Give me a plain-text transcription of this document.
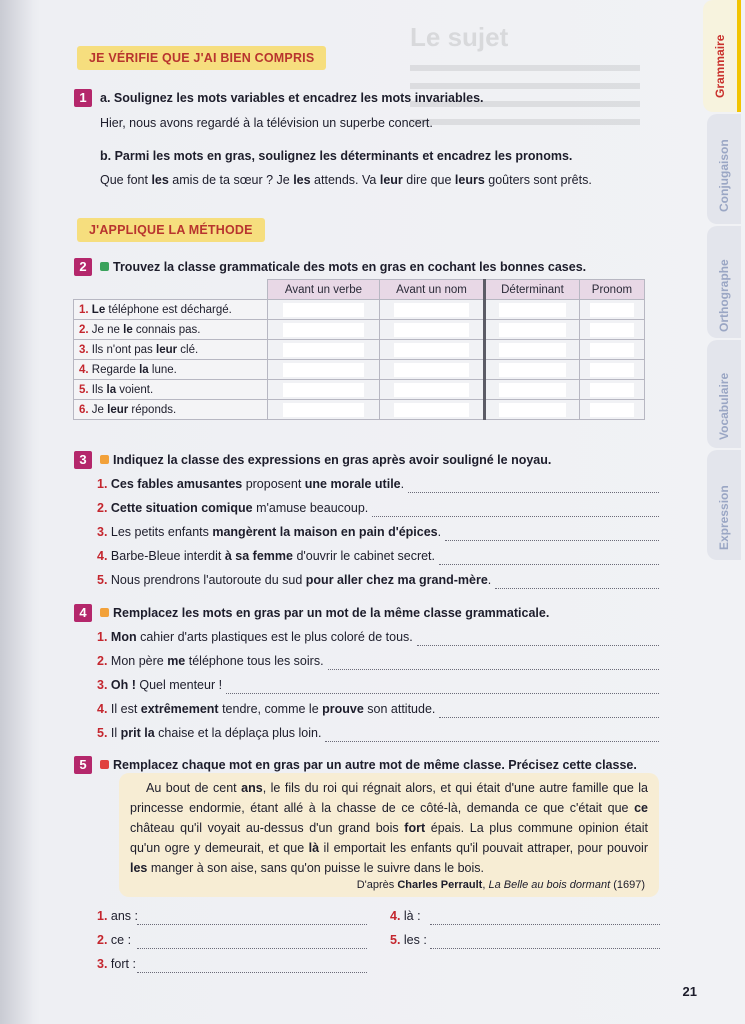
JE VÉRIFIE QUE J'AI BIEN COMPRIS
1	a. Soulignez les mots variables et encadrez les mots invariables.
Hier, nous avons regardé à la télévision un superbe concert.
b. Parmi les mots en gras, soulignez les déterminants et encadrez les pronoms.
Que font les amis de ta sœur ? Je les attends. Va leur dire que leurs goûters sont prêts.
J'APPLIQUE LA MÉTHODE
2	Trouvez la classe grammaticale des mots en gras en cochant les bonnes cases.
	Avant un verbe	Avant un nom	Déterminant	Pronom
1. Le téléphone est déchargé.	

2. Je ne le connais pas.	

3. Ils n'ont pas leur clé.	

4. Regarde la lune.	

5. Ils la voient.	

6. Je leur réponds.	

3	Indiquez la classe des expressions en gras après avoir souligné le noyau.
1. Ces fables amusantes proposent une morale utile.
2. Cette situation comique m'amuse beaucoup.
3. Les petits enfants mangèrent la maison en pain d'épices.
4. Barbe-Bleue interdit à sa femme d'ouvrir le cabinet secret.
5. Nous prendrons l'autoroute du sud pour aller chez ma grand-mère.
4	Remplacez les mots en gras par un mot de la même classe grammaticale.
1. Mon cahier d'arts plastiques est le plus coloré de tous.
2. Mon père me téléphone tous les soirs.
3. Oh ! Quel menteur !
4. Il est extrêmement tendre, comme le prouve son attitude.
5. Il prit la chaise et la déplaça plus loin.
5	Remplacez chaque mot en gras par un autre mot de même classe. Précisez cette classe.

Au bout de cent ans, le fils du roi qui régnait alors, et qui était d'une autre famille que la princesse endormie, étant allé à la chasse de ce côté-là, demanda ce que c'était que ce château qu'il voyait au-dessus d'un grand bois fort épais. La plus commune opinion était qu'un ogre y demeurait, et que là il emportait les enfants qu'il pouvait attraper, pour pouvoir les manger à son aise, sans qu'on puisse le suivre dans le bois.

D'après Charles Perrault, La Belle au bois dormant (1697)
1. ans :
2. ce :
3. fort :
4. là :
5. les :
Grammaire
Conjugaison
Orthographe
Vocabulaire
Expression
21
